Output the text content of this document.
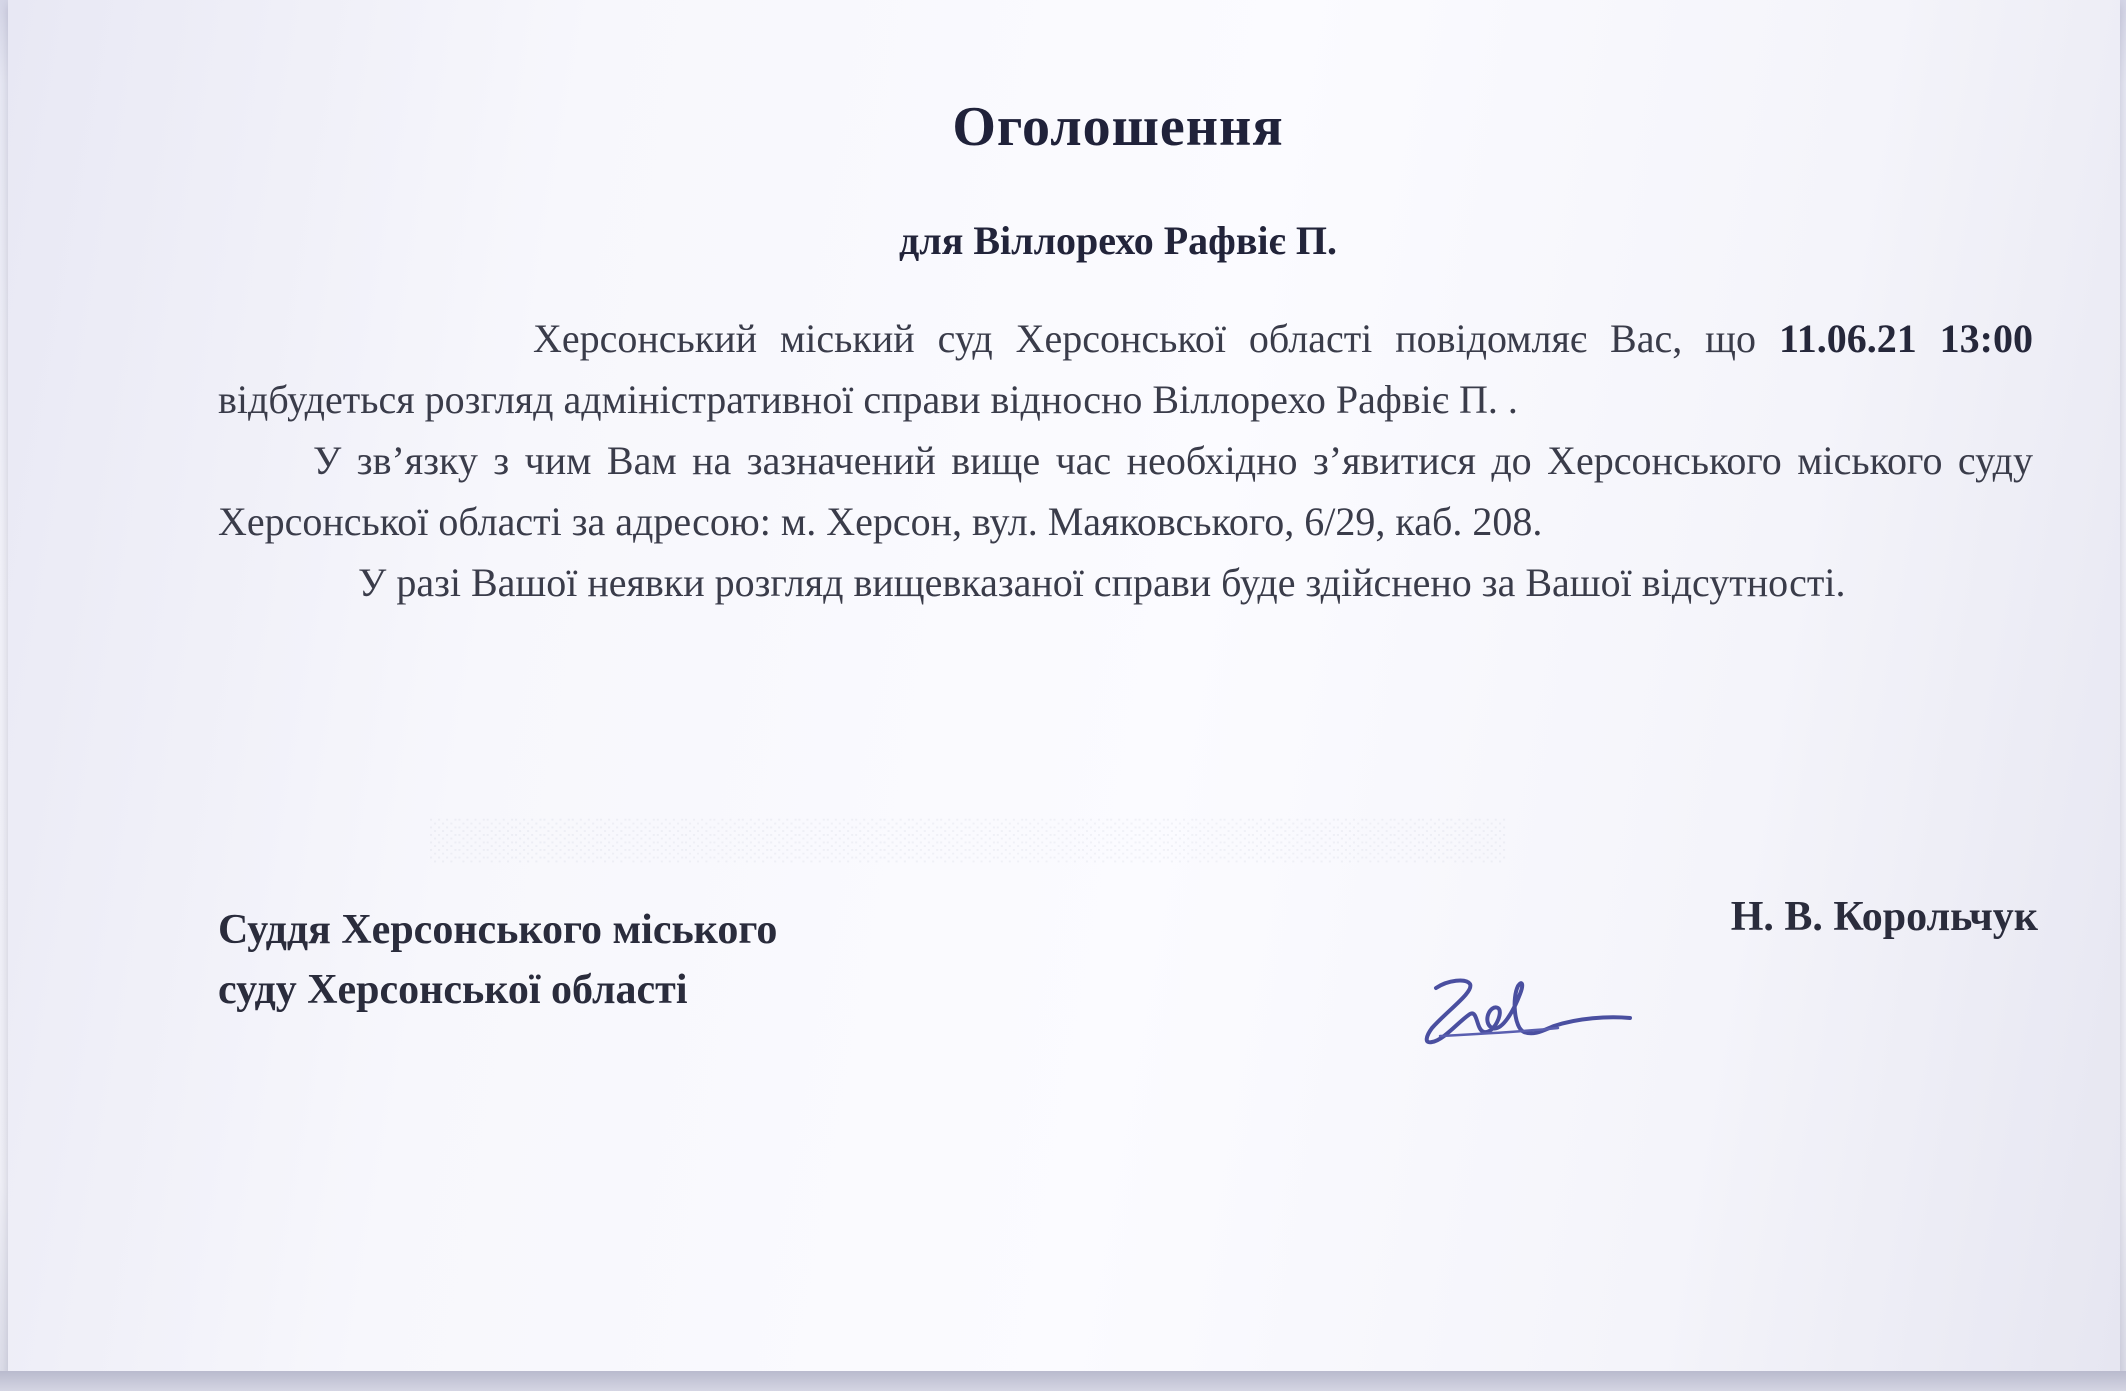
░░░░░░░░░░░░░░░░░░░░░░░░░░░░░░░░░░░░░░
Оголошення
для Віллорехо Рафвіє П.

Херсонський міський суд Херсонської області повідомляє Вас, що 11.06.21 13:00 відбудеться розгляд адміністративної справи відносно Віллорехо Рафвіє П. .

У зв’язку з чим Вам на зазначений вище час необхідно з’явитися до Херсонського міського суду Херсонської області за адресою: м. Херсон, вул. Маяковського, 6/29, каб. 208.

У разі Вашої неявки розгляд вищевказаної справи буде здійснено за Вашої відсутності.

Суддя Херсонського міського
суду Херсонської області
Н. В. Корольчук
